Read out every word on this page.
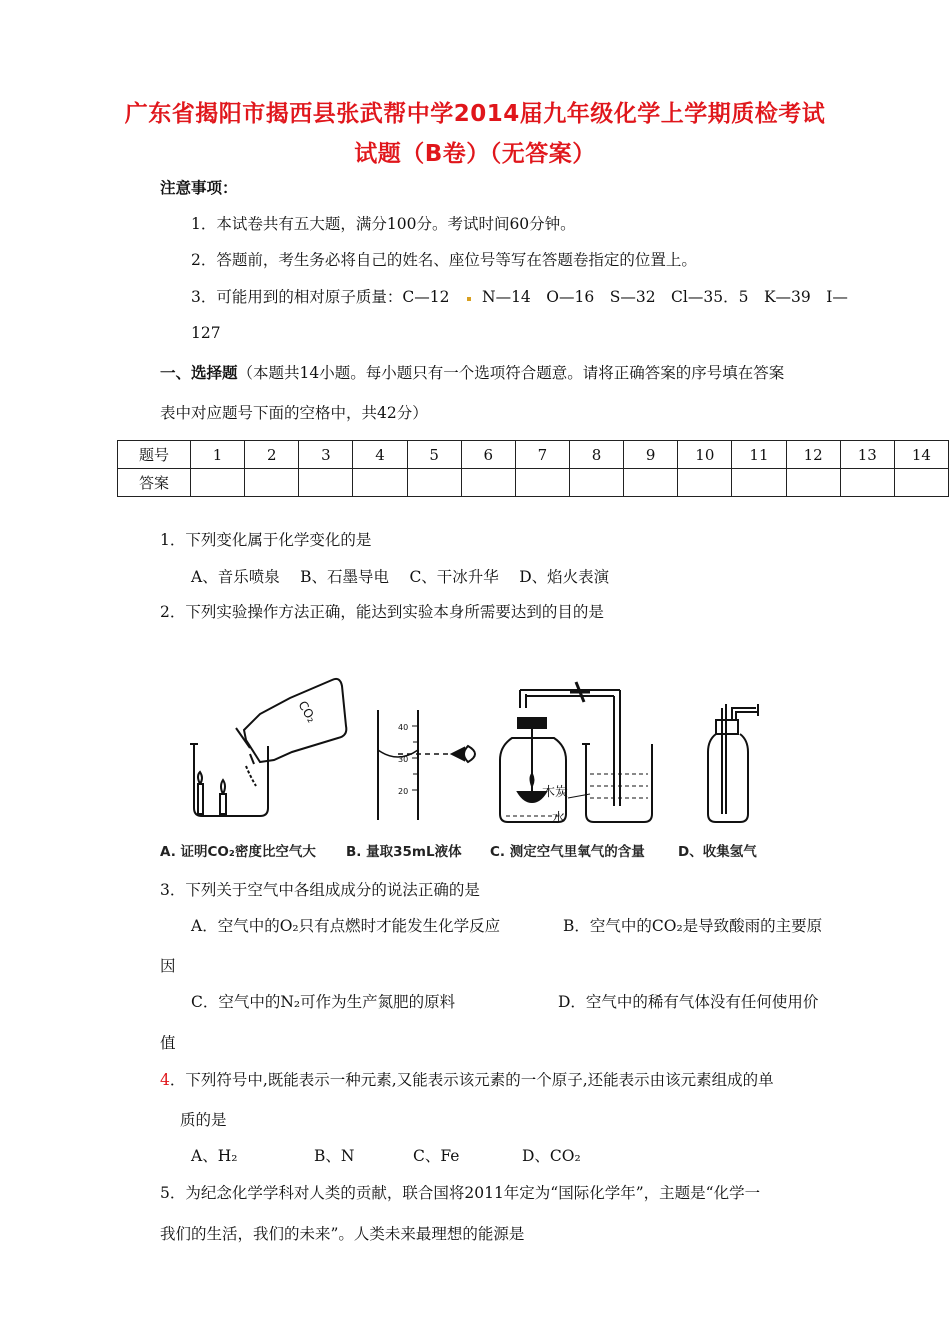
广东省揭阳市揭西县张武帮中学2014届九年级化学上学期质检考试
试题（B卷）（无答案）
注意事项：
1．本试卷共有五大题，满分100分。考试时间60分钟。
2．答题前，考生务必将自己的姓名、座位号等写在答题卷指定的位置上。
3．可能用到的相对原子质量：C—12 N—14　O—16　S—32　Cl—35．5　K—39　I—
127
一、选择题（本题共14小题。每小题只有一个选项符合题意。请将正确答案的序号填在答案
表中对应题号下面的空格中，共42分）
题号	1	2	3	4	5	6	7	8	9	10	11	12	13	14
答案														
1．下列变化属于化学变化的是
A、音乐喷泉　 B、石墨导电　 C、干冰升华　 D、焰火表演
2．下列实验操作方法正确，能达到实验本身所需要达到的目的是
CO₂
40
30
20	木炭
水
A. 证明CO₂密度比空气大 B. 量取35mL液体 C. 测定空气里氧气的含量 D、收集氢气
3．下列关于空气中各组成成分的说法正确的是
A．空气中的O₂只有点燃时才能发生化学反应	B．空气中的CO₂是导致酸雨的主要原
因
C．空气中的N₂可作为生产氮肥的原料	D．空气中的稀有气体没有任何使用价
值
4．下列符号中,既能表示一种元素,又能表示该元素的一个原子,还能表示由该元素组成的单
质的是
A、H₂	B、N	C、Fe	D、CO₂
5．为纪念化学学科对人类的贡献，联合国将2011年定为“国际化学年”，主题是“化学一
我们的生活，我们的未来”。人类未来最理想的能源是
